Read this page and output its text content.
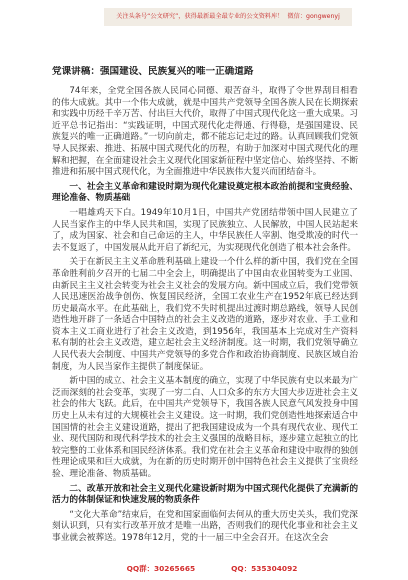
关注头条号“公文研究”，获得最新最全最专业的公文资料库！ 微信：gongwenyj
党课讲稿：强国建设、民族复兴的唯一正确道路

74年来，全党全国各族人民同心同德、艰苦奋斗，取得了令世界刮目相看的伟大成就。其中一个伟大成就，就是中国共产党领导全国各族人民在长期探索和实践中历经千辛万苦、付出巨大代价，取得了中国式现代化这一重大成果。习近平总书记指出：“实践证明，中国式现代化走得通、行得稳，是强国建设、民族复兴的唯一正确道路。”一切向前走，都不能忘记走过的路。认真回顾我们党领导人民探索、推进、拓展中国式现代化的历程，有助于加深对中国式现代化的理解和把握，在全面建设社会主义现代化国家新征程中坚定信心、始终坚持、不断推进和拓展中国式现代化，为全面推进中华民族伟大复兴而团结奋斗。

一、社会主义革命和建设时期为现代化建设奠定根本政治前提和宝贵经验、理论准备、物质基础

一唱雄鸡天下白。1949年10月1日，中国共产党团结带领中国人民建立了人民当家作主的中华人民共和国，实现了民族独立、人民解放，中国人民站起来了，成为国家、社会和自己命运的主人，中华民族任人宰割、饱受欺凌的时代一去不复返了，中国发展从此开启了新纪元，为实现现代化创造了根本社会条件。

关于在新民主主义革命胜利基础上建设一个什么样的新中国，我们党在全国革命胜利前夕召开的七届二中全会上，明确提出了中国由农业国转变为工业国、由新民主主义社会转变为社会主义社会的发展方向。新中国成立后，我们党带领人民迅速医治战争创伤、恢复国民经济，全国工农业生产在1952年底已经达到历史最高水平。在此基础上，我们党不失时机提出过渡时期总路线，领导人民创造性地开辟了一条适合中国特点的社会主义改造的道路，逐步对农业、手工业和资本主义工商业进行了社会主义改造，到1956年，我国基本上完成对生产资料私有制的社会主义改造，建立起社会主义经济制度。这一时期，我们党领导确立人民代表大会制度、中国共产党领导的多党合作和政治协商制度、民族区域自治制度，为人民当家作主提供了制度保证。

新中国的成立、社会主义基本制度的确立，实现了中华民族有史以来最为广泛而深刻的社会变革，实现了一穷二白、人口众多的东方大国大步迈进社会主义社会的伟大飞跃。此后，在中国共产党领导下，我国各族人民意气风发投身中国历史上从未有过的大规模社会主义建设。这一时期，我们党创造性地探索适合中国国情的社会主义建设道路，提出了把我国建设成为一个具有现代农业、现代工业、现代国防和现代科学技术的社会主义强国的战略目标，逐步建立起独立的比较完整的工业体系和国民经济体系。我们党在社会主义革命和建设中取得的独创性理论成果和巨大成就，为在新的历史时期开创中国特色社会主义提供了宝贵经验、理论准备、物质基础。

二、改革开放和社会主义现代化建设新时期为中国式现代化提供了充满新的活力的体制保证和快速发展的物质条件

“文化大革命”结束后，在党和国家面临何去何从的重大历史关头，我们党深刻认识到，只有实行改革开放才是唯一出路，否则我们的现代化事业和社会主义事业就会被葬送。1978年12月，党的十一届三中全会召开。在这次全会

QQ群：30265665	QQ：535304092
